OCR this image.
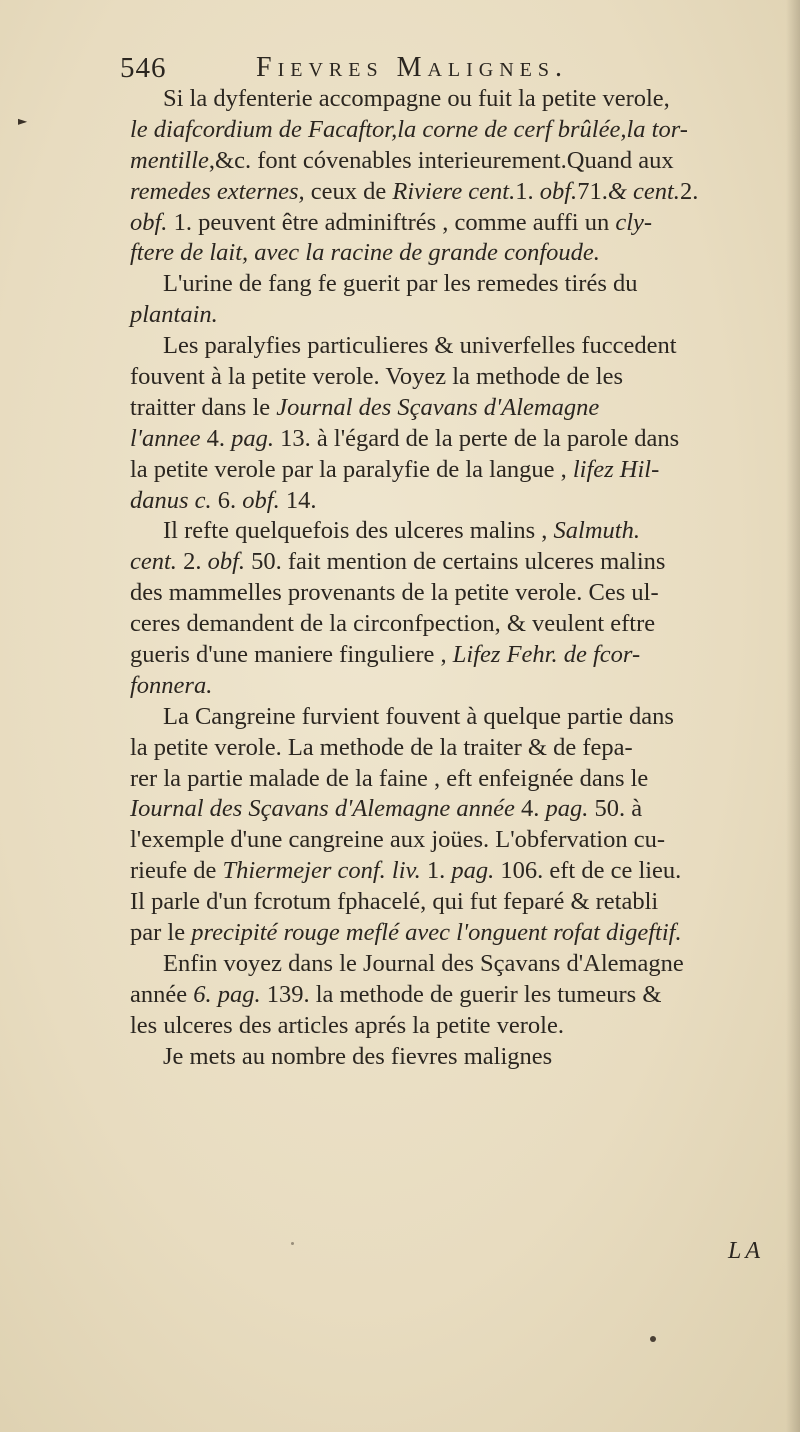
►
546	Fievres Malignes.
Si la dyfenterie accompagne ou fuit la petite verole,
le diafcordium de Facaftor,la corne de cerf brûlée,la tor-
mentille,&c. font cóvenables interieurement.Quand aux
remedes externes, ceux de Riviere cent.1. obf.71.& cent.2.
obf. 1. peuvent être adminiftrés , comme auffi un cly-
ftere de lait, avec la racine de grande confoude.
L'urine de fang fe guerit par les remedes tirés du
plantain.
Les paralyfies particulieres & univerfelles fuccedent
fouvent à la petite verole. Voyez la methode de les
traitter dans le Journal des Sçavans d'Alemagne
l'annee 4. pag. 13. à l'égard de la perte de la parole dans
la petite verole par la paralyfie de la langue , lifez Hil-
danus c. 6. obf. 14.
Il refte quelquefois des ulceres malins , Salmuth.
cent. 2. obf. 50. fait mention de certains ulceres malins
des mammelles provenants de la petite verole. Ces ul-
ceres demandent de la circonfpection, & veulent eftre
gueris d'une maniere finguliere , Lifez Fehr. de fcor-
fonnera.
La Cangreine furvient fouvent à quelque partie dans
la petite verole. La methode de la traiter & de fepa-
rer la partie malade de la faine , eft enfeignée dans le
Iournal des Sçavans d'Alemagne année 4. pag. 50. à
l'exemple d'une cangreine aux joües. L'obfervation cu-
rieufe de Thiermejer conf. liv. 1. pag. 106. eft de ce lieu.
Il parle d'un fcrotum fphacelé, qui fut feparé & retabli
par le precipité rouge meflé avec l'onguent rofat digeftif.
Enfin voyez dans le Journal des Sçavans d'Alemagne
année 6. pag. 139. la methode de guerir les tumeurs &
les ulceres des articles aprés la petite verole.
Je mets au nombre des fievres malignes
LA
